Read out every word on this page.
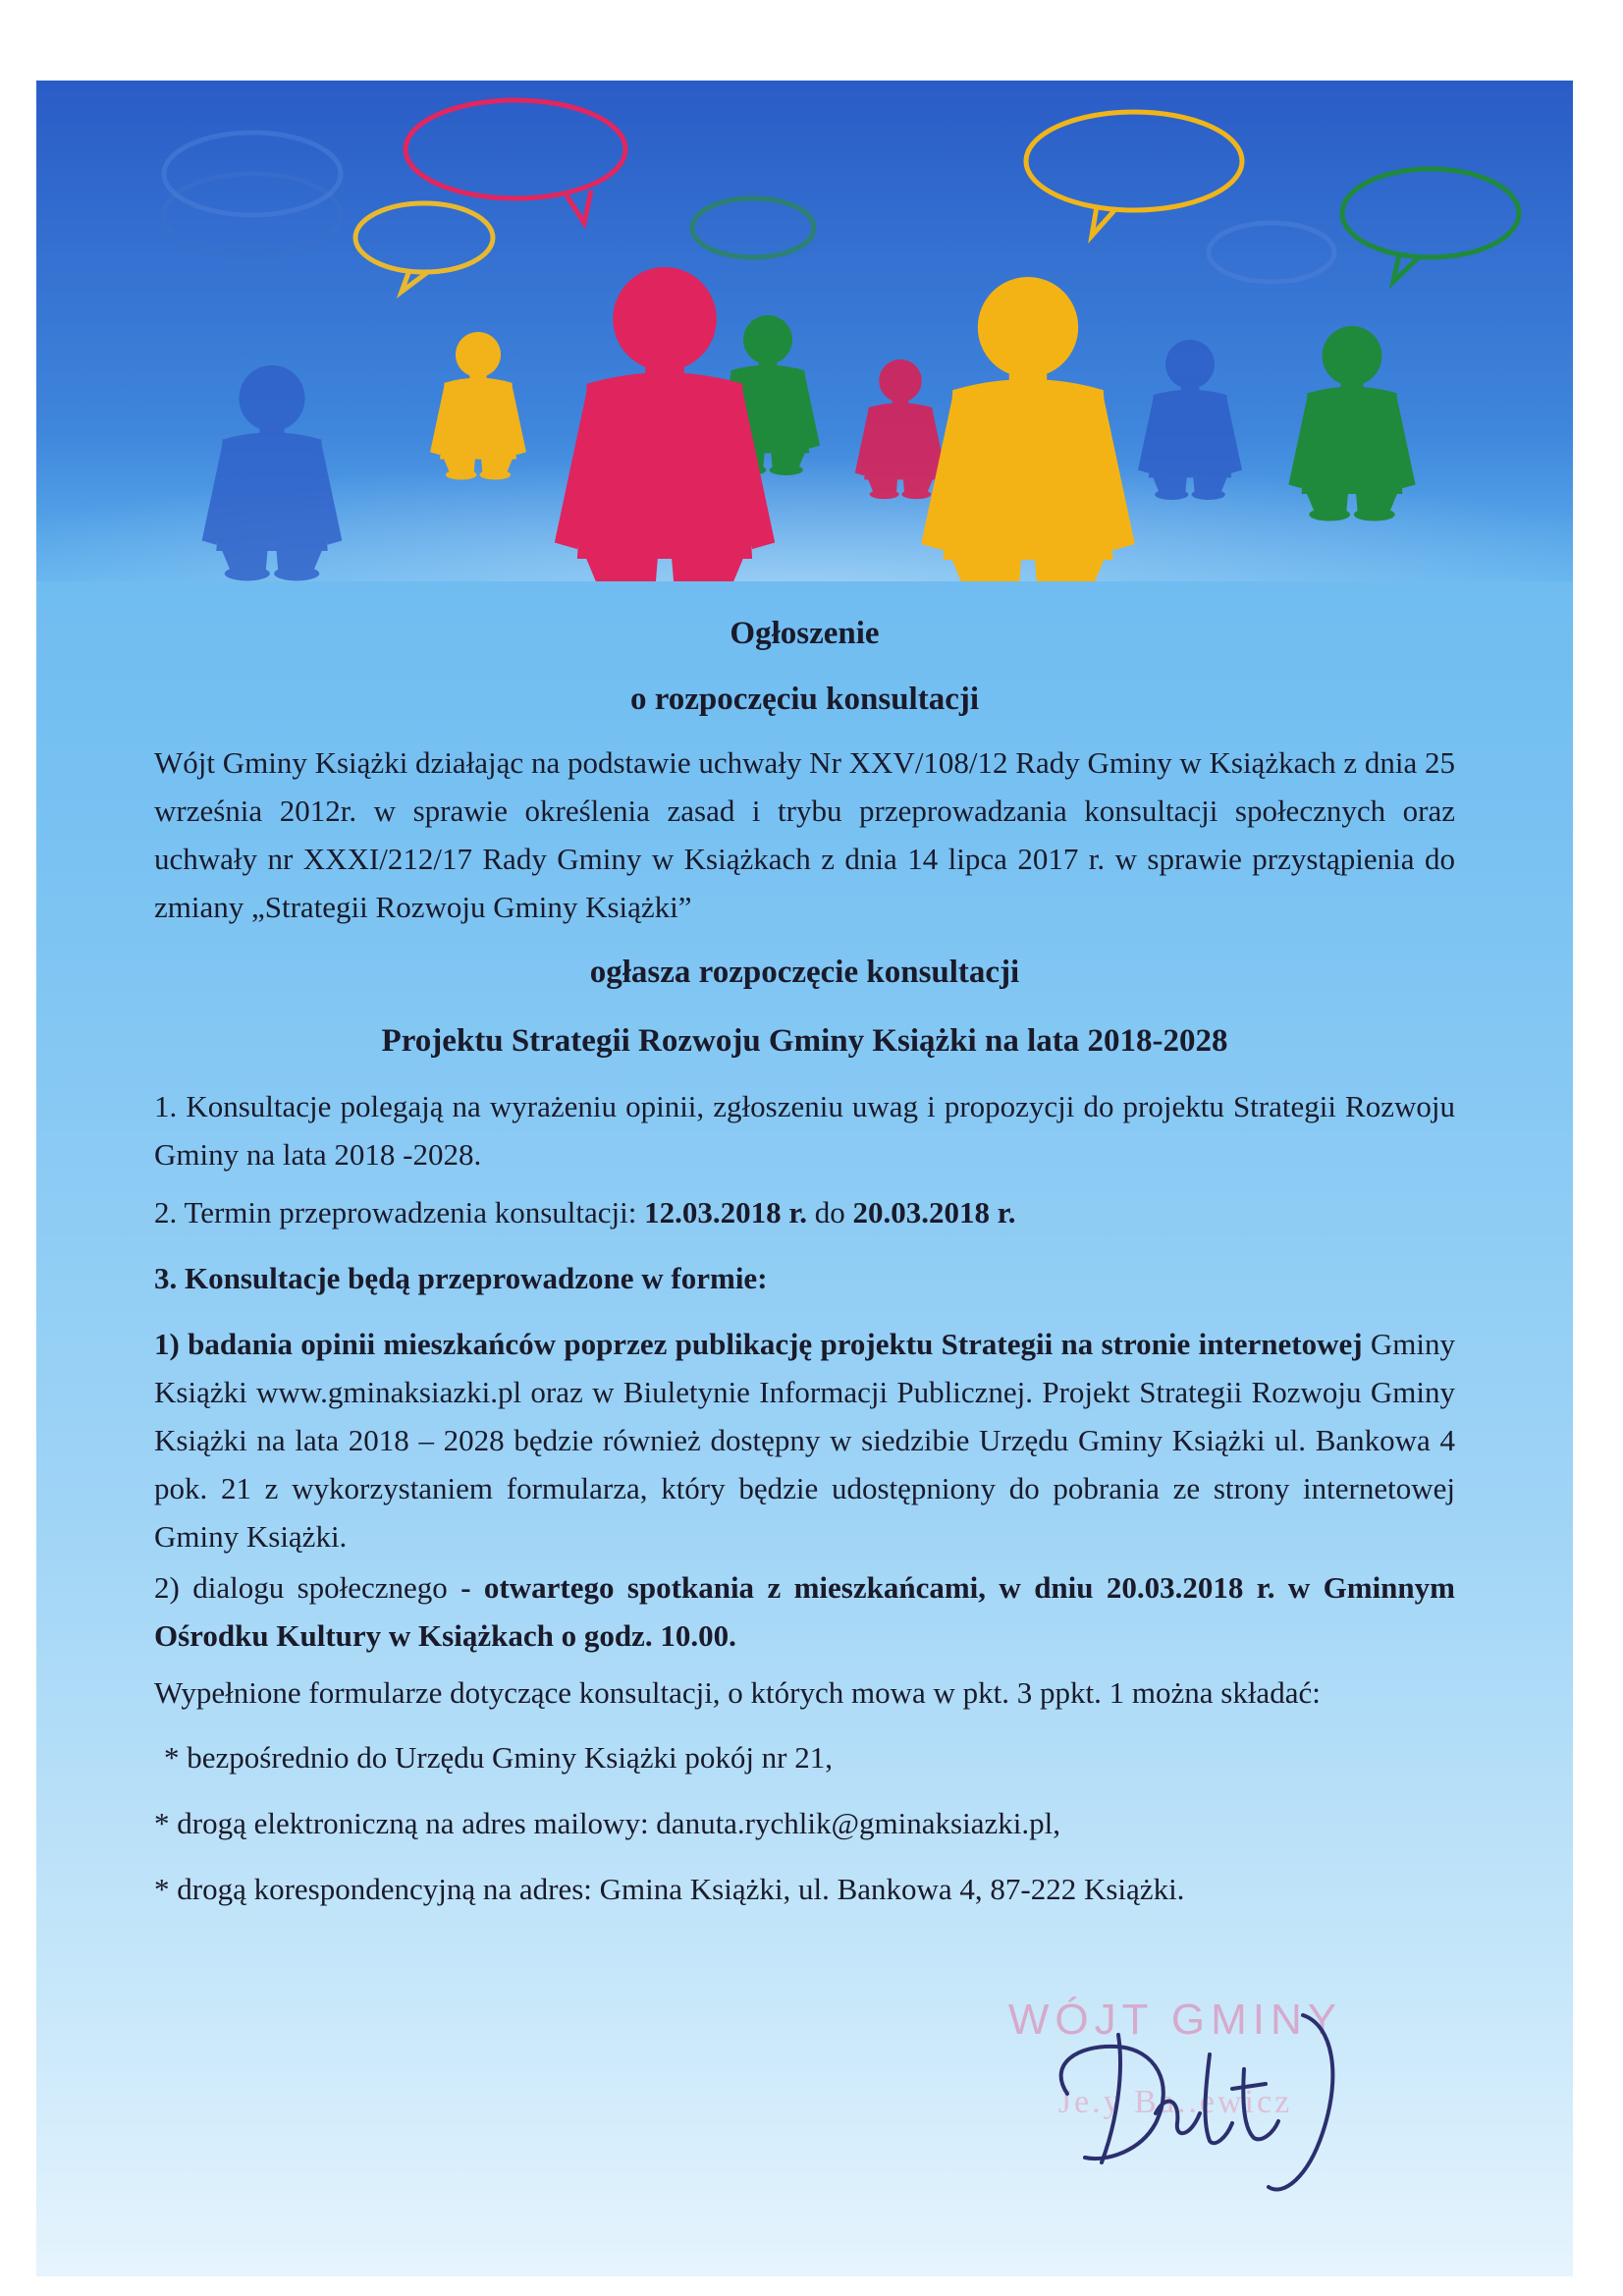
Ogłoszenie
o rozpoczęciu konsultacji
Wójt Gminy Książki działając na podstawie uchwały Nr XXV/108/12 Rady Gminy w Książkach z dnia 25 września 2012r. w sprawie określenia zasad i trybu przeprowadzania konsultacji społecznych oraz uchwały nr XXXI/212/17 Rady Gminy w Książkach z dnia 14 lipca 2017 r. w sprawie przystąpienia do zmiany „Strategii Rozwoju Gminy Książki”
ogłasza rozpoczęcie konsultacji
Projektu Strategii Rozwoju Gminy Książki na lata 2018-2028
1. Konsultacje polegają na wyrażeniu opinii, zgłoszeniu uwag i propozycji do projektu Strategii Rozwoju Gminy na lata 2018 -2028.
2. Termin przeprowadzenia konsultacji: 12.03.2018 r. do 20.03.2018 r.
3. Konsultacje będą przeprowadzone w formie:
1) badania opinii mieszkańców poprzez publikację projektu Strategii na stronie internetowej Gminy Książki www.gminaksiazki.pl oraz w Biuletynie Informacji Publicznej. Projekt Strategii Rozwoju Gminy Książki na lata 2018 – 2028 będzie również dostępny w siedzibie Urzędu Gminy Książki ul. Bankowa 4 pok. 21 z wykorzystaniem formularza, który będzie udostępniony do pobrania ze strony internetowej Gminy Książki.
2) dialogu społecznego - otwartego spotkania z mieszkańcami, w dniu 20.03.2018 r. w Gminnym Ośrodku Kultury w Książkach o godz. 10.00.
Wypełnione formularze dotyczące konsultacji, o których mowa w pkt. 3 ppkt. 1 można składać:
* bezpośrednio do Urzędu Gminy Książki pokój nr 21,
* drogą elektroniczną na adres mailowy: danuta.rychlik@gminaksiazki.pl,
* drogą korespondencyjną na adres: Gmina Książki, ul. Bankowa 4, 87-222 Książki.
WÓJT GMINY
Je.y Ba..ewicz
